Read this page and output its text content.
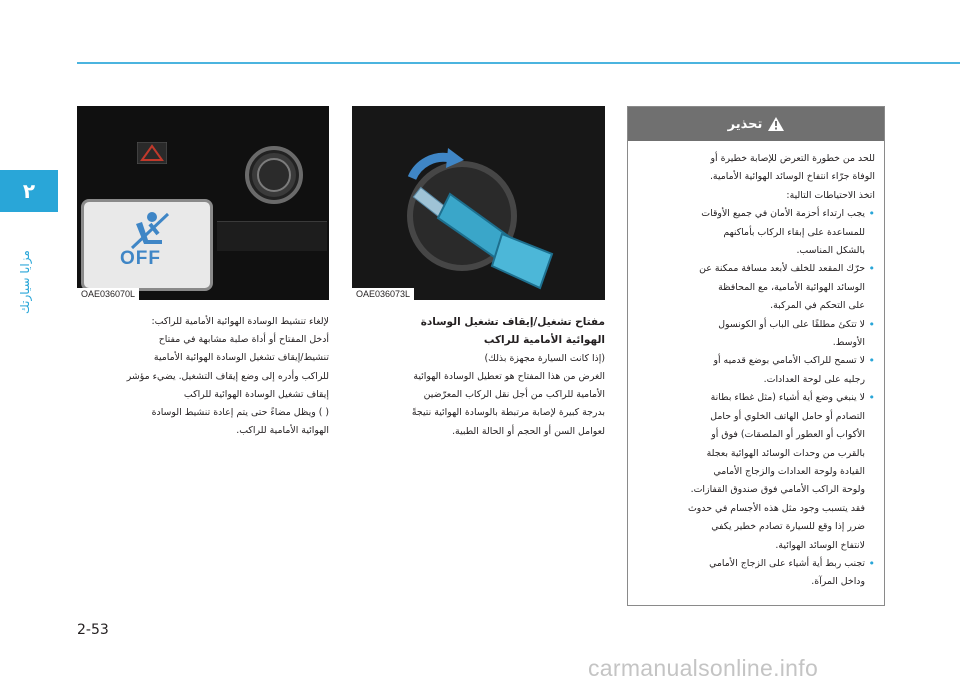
٢
مزايا سيارتك	OFF
OAE036070L	OAE036073L
تحذير

للحد من خطورة التعرض للإصابة خطيرة أو

الوفاة جرّاء انتفاخ الوسائد الهوائية الأمامية.

اتخذ الاحتياطات التالية:

• يجب ارتداء أحزمة الأمان في جميع الأوقات

للمساعدة على إبقاء الركاب بأماكنهم

بالشكل المناسب.

• حرّك المقعد للخلف لأبعد مسافة ممكنة عن

الوسائد الهوائية الأمامية، مع المحافظة

على التحكم في المركبة.

• لا تتكئ مطلقًا على الباب أو الكونسول

الأوسط.

• لا تسمح للراكب الأمامي بوضع قدميه أو

رجليه على لوحة العدادات.

• لا ينبغي وضع أية أشياء (مثل غطاء بطانة

التصادم أو حامل الهاتف الخلوي أو حامل

الأكواب أو العطور أو الملصقات) فوق أو

بالقرب من وحدات الوسائد الهوائية بعجلة

القيادة ولوحة العدادات والزجاج الأمامي

ولوحة الراكب الأمامي فوق صندوق القفازات.

فقد يتسبب وجود مثل هذه الأجسام في حدوث

ضرر إذا وقع للسيارة تصادم خطير يكفي

لانتفاخ الوسائد الهوائية.

• تجنب ربط أية أشياء على الزجاج الأمامي

وداخل المرآة.

لإلغاء تنشيط الوسادة الهوائية الأمامية للراكب:

أدخل المفتاح أو أداة صلبة مشابهة في مفتاح

تنشيط/إيقاف تشغيل الوسادة الهوائية الأمامية

للراكب وأدره إلى وضع إيقاف التشغيل. يضيء مؤشر

إيقاف تشغيل الوسادة الهوائية للراكب

( ) ويظل مضاءً حتى يتم إعادة تنشيط الوسادة

الهوائية الأمامية للراكب.

مفتاح تشغيل/إيقاف تشغيل الوسادة

الهوائية الأمامية للراكب

(إذا كانت السيارة مجهزة بذلك)

الغرض من هذا المفتاح هو تعطيل الوسادة الهوائية

الأمامية للراكب من أجل نقل الركاب المعرّضين

بدرجة كبيرة لإصابة مرتبطة بالوسادة الهوائية نتيجةً

لعوامل السن أو الحجم أو الحالة الطبية.

2-53
carmanualsonline.info
